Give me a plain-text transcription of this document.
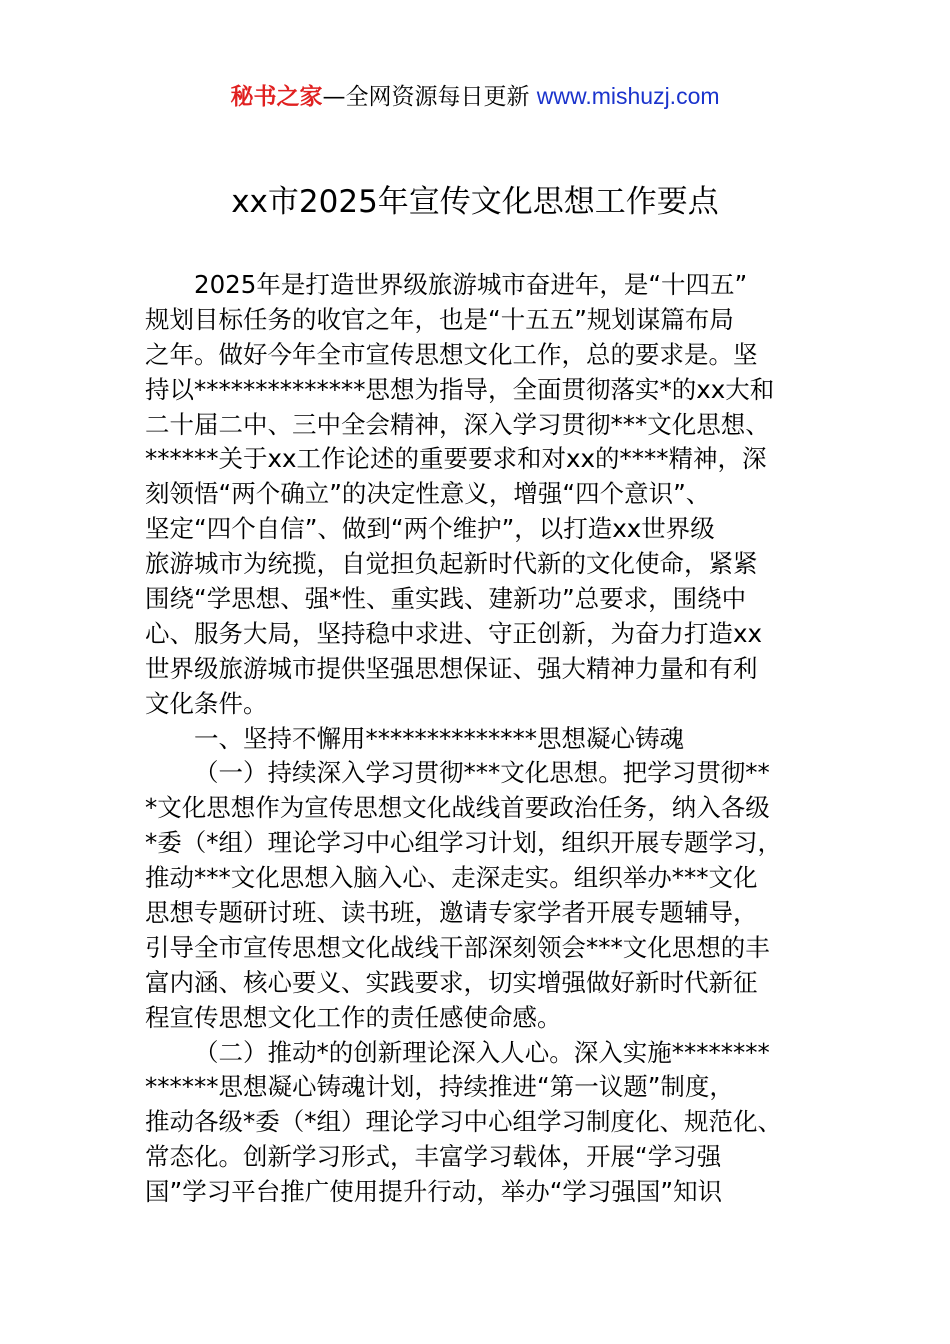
秘书之家—全网资源每日更新 www.mishuzj.com
xx市2025年宣传文化思想工作要点
2025年是打造世界级旅游城市奋进年，是“十四五”
规划目标任务的收官之年，也是“十五五”规划谋篇布局
之年。做好今年全市宣传思想文化工作，总的要求是。坚
持以**************思想为指导，全面贯彻落实*的xx大和
二十届二中、三中全会精神，深入学习贯彻***文化思想、
******关于xx工作论述的重要要求和对xx的****精神，深
刻领悟“两个确立”的决定性意义，增强“四个意识”、
坚定“四个自信”、做到“两个维护”，以打造xx世界级
旅游城市为统揽，自觉担负起新时代新的文化使命，紧紧
围绕“学思想、强*性、重实践、建新功”总要求，围绕中
心、服务大局，坚持稳中求进、守正创新，为奋力打造xx
世界级旅游城市提供坚强思想保证、强大精神力量和有利
文化条件。
一、坚持不懈用**************思想凝心铸魂
（一）持续深入学习贯彻***文化思想。把学习贯彻**
*文化思想作为宣传思想文化战线首要政治任务，纳入各级
*委（*组）理论学习中心组学习计划，组织开展专题学习，
推动***文化思想入脑入心、走深走实。组织举办***文化
思想专题研讨班、读书班，邀请专家学者开展专题辅导，
引导全市宣传思想文化战线干部深刻领会***文化思想的丰
富内涵、核心要义、实践要求，切实增强做好新时代新征
程宣传思想文化工作的责任感使命感。
（二）推动*的创新理论深入人心。深入实施********
******思想凝心铸魂计划，持续推进“第一议题”制度，
推动各级*委（*组）理论学习中心组学习制度化、规范化、
常态化。创新学习形式，丰富学习载体，开展“学习强
国”学习平台推广使用提升行动，举办“学习强国”知识
